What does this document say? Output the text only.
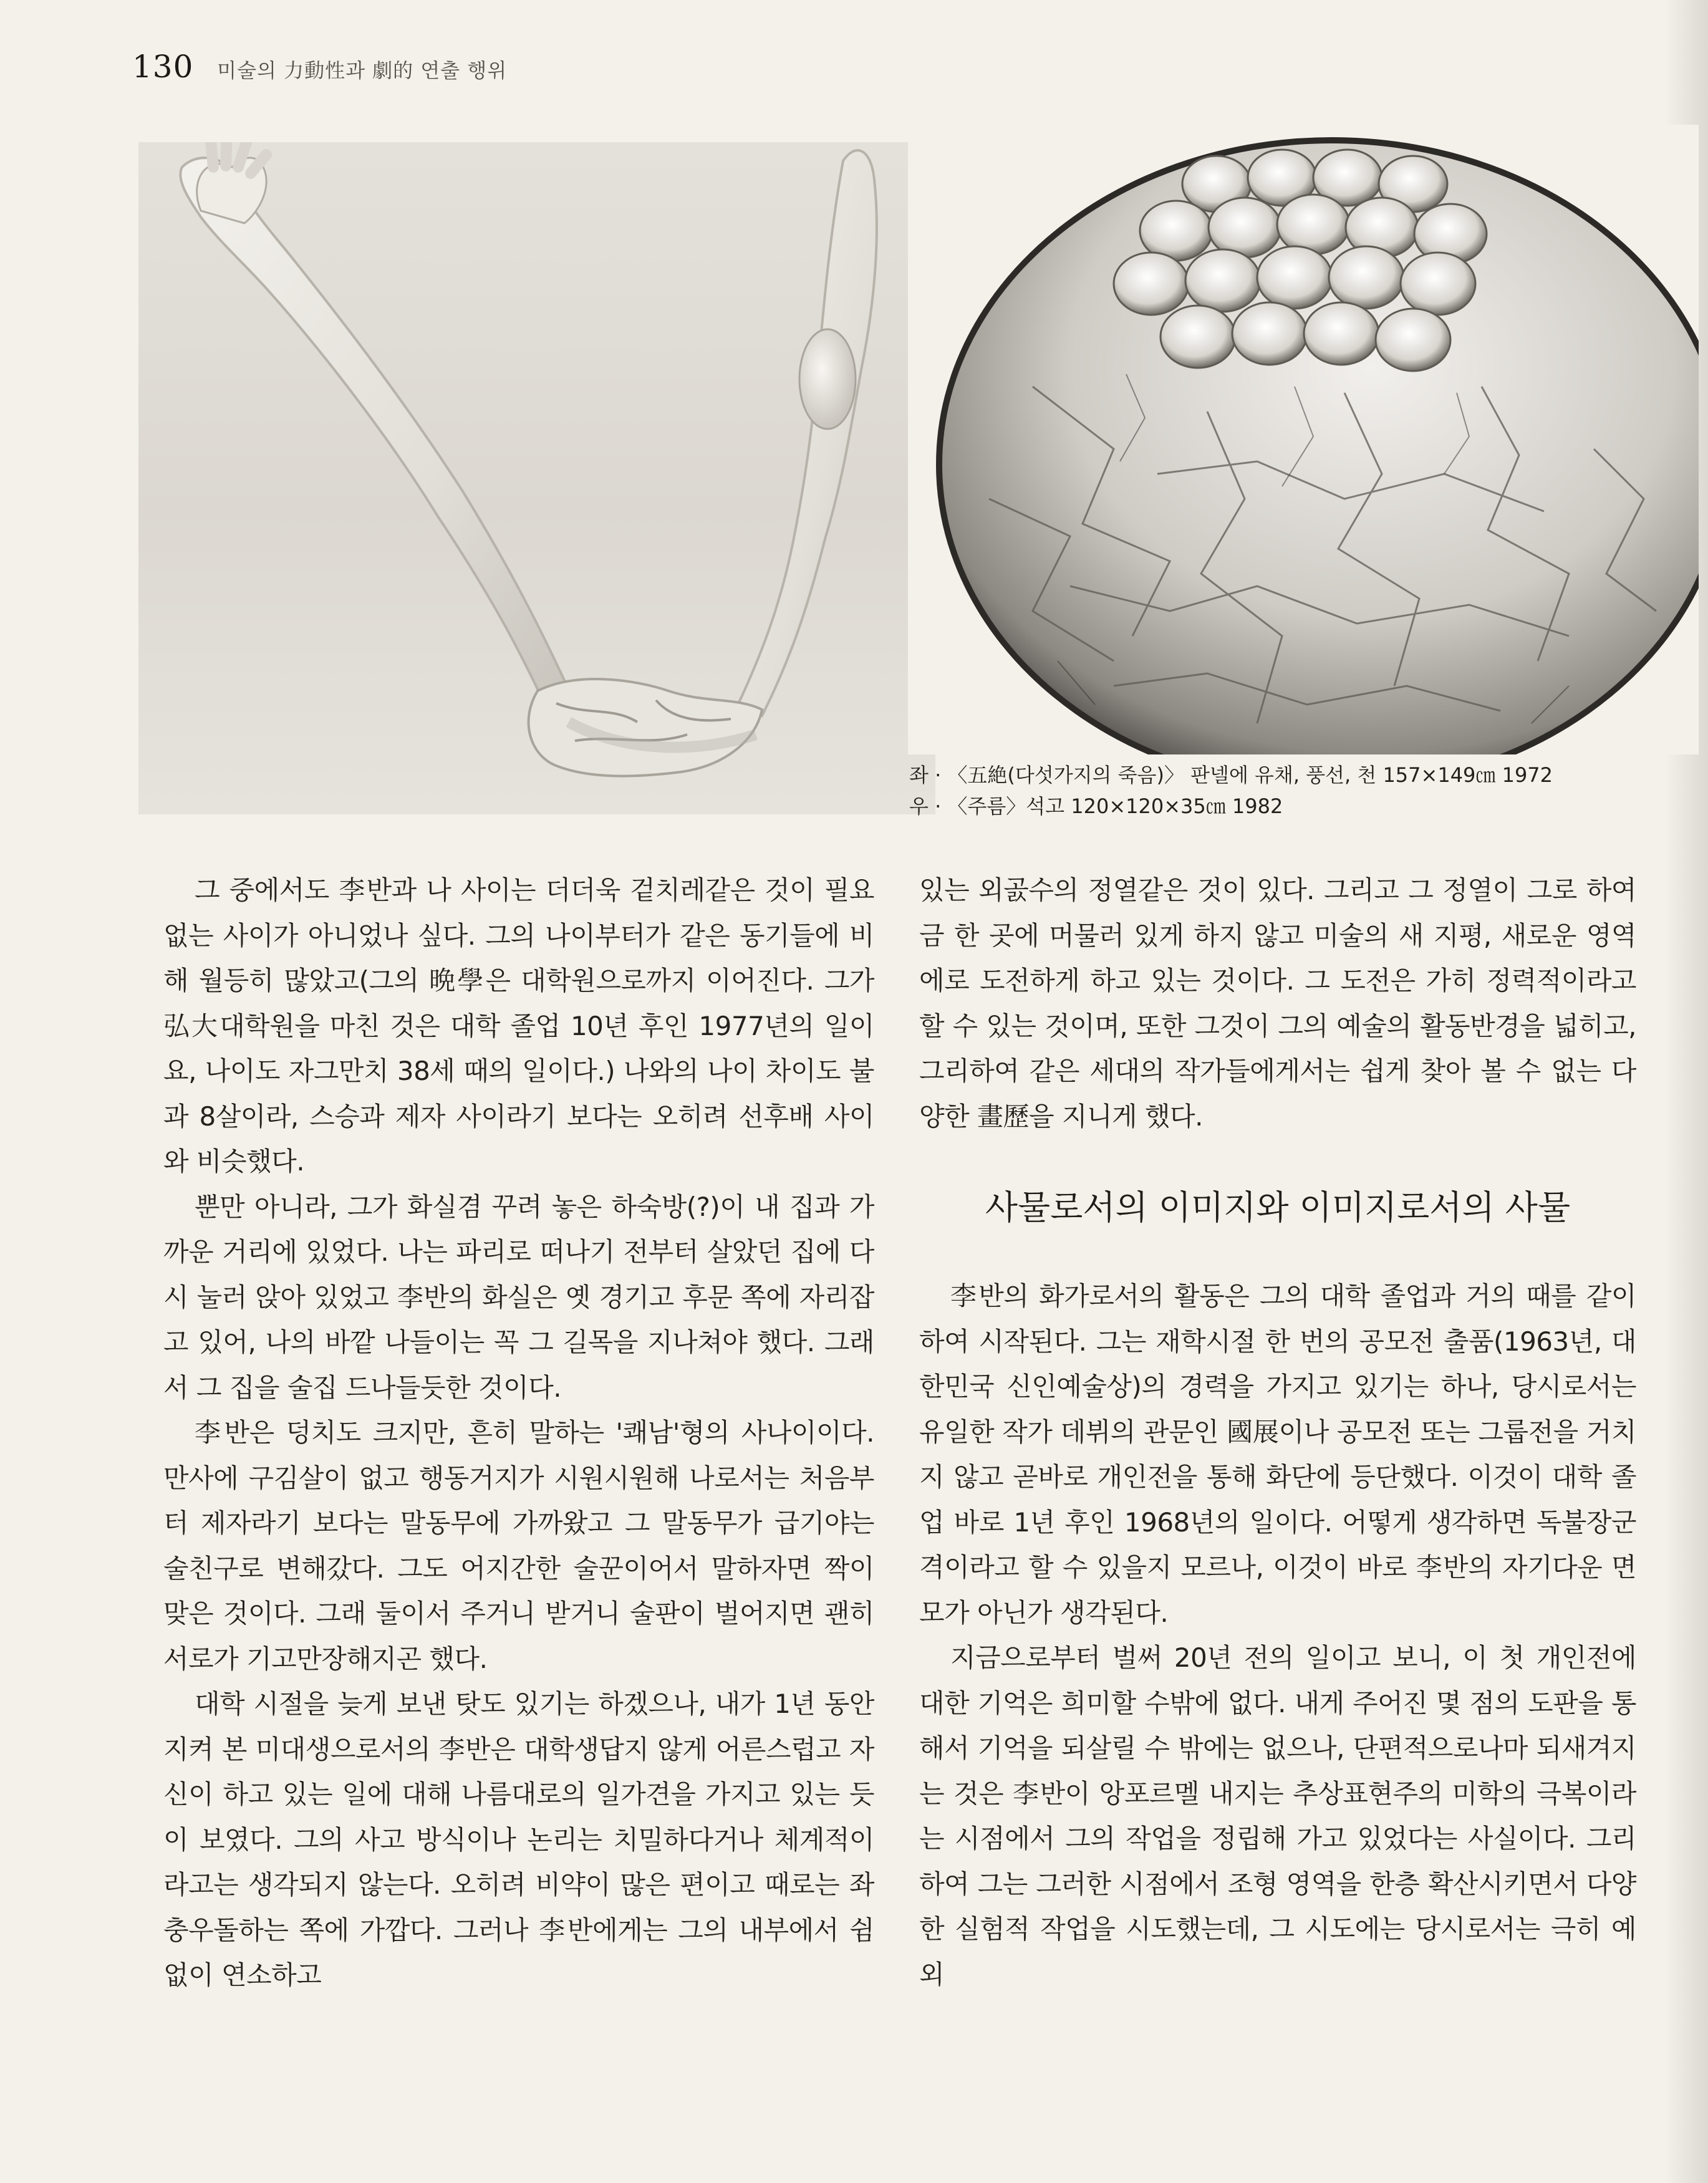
130 미술의 力動性과 劇的 연출 행위
좌 · 〈五絶(다섯가지의 죽음)〉 판넬에 유채, 풍선, 천 157×149㎝ 1972
우 · 〈주름〉석고 120×120×35㎝ 1982

그 중에서도 李반과 나 사이는 더더욱 겉치레같은 것이 필요 없는 사이가 아니었나 싶다. 그의 나이부터가 같은 동기들에 비해 월등히 많았고(그의 晩學은 대학원으로까지 이어진다. 그가 弘大대학원을 마친 것은 대학 졸업 10년 후인 1977년의 일이요, 나이도 자그만치 38세 때의 일이다.) 나와의 나이 차이도 불과 8살이라, 스승과 제자 사이라기 보다는 오히려 선후배 사이와 비슷했다.

뿐만 아니라, 그가 화실겸 꾸려 놓은 하숙방(?)이 내 집과 가까운 거리에 있었다. 나는 파리로 떠나기 전부터 살았던 집에 다시 눌러 앉아 있었고 李반의 화실은 옛 경기고 후문 쪽에 자리잡고 있어, 나의 바깥 나들이는 꼭 그 길목을 지나쳐야 했다. 그래서 그 집을 술집 드나들듯한 것이다.

李반은 덩치도 크지만, 흔히 말하는 '쾌남'형의 사나이이다. 만사에 구김살이 없고 행동거지가 시원시원해 나로서는 처음부터 제자라기 보다는 말동무에 가까왔고 그 말동무가 급기야는 술친구로 변해갔다. 그도 어지간한 술꾼이어서 말하자면 짝이 맞은 것이다. 그래 둘이서 주거니 받거니 술판이 벌어지면 괜히 서로가 기고만장해지곤 했다.

대학 시절을 늦게 보낸 탓도 있기는 하겠으나, 내가 1년 동안 지켜 본 미대생으로서의 李반은 대학생답지 않게 어른스럽고 자신이 하고 있는 일에 대해 나름대로의 일가견을 가지고 있는 듯이 보였다. 그의 사고 방식이나 논리는 치밀하다거나 체계적이라고는 생각되지 않는다. 오히려 비약이 많은 편이고 때로는 좌충우돌하는 쪽에 가깝다. 그러나 李반에게는 그의 내부에서 쉼없이 연소하고

있는 외곬수의 정열같은 것이 있다. 그리고 그 정열이 그로 하여금 한 곳에 머물러 있게 하지 않고 미술의 새 지평, 새로운 영역에로 도전하게 하고 있는 것이다. 그 도전은 가히 정력적이라고 할 수 있는 것이며, 또한 그것이 그의 예술의 활동반경을 넓히고, 그리하여 같은 세대의 작가들에게서는 쉽게 찾아 볼 수 없는 다양한 畫歷을 지니게 했다.

사물로서의 이미지와 이미지로서의 사물

李반의 화가로서의 활동은 그의 대학 졸업과 거의 때를 같이 하여 시작된다. 그는 재학시절 한 번의 공모전 출품(1963년, 대한민국 신인예술상)의 경력을 가지고 있기는 하나, 당시로서는 유일한 작가 데뷔의 관문인 國展이나 공모전 또는 그룹전을 거치지 않고 곧바로 개인전을 통해 화단에 등단했다. 이것이 대학 졸업 바로 1년 후인 1968년의 일이다. 어떻게 생각하면 독불장군격이라고 할 수 있을지 모르나, 이것이 바로 李반의 자기다운 면모가 아닌가 생각된다.

지금으로부터 벌써 20년 전의 일이고 보니, 이 첫 개인전에 대한 기억은 희미할 수밖에 없다. 내게 주어진 몇 점의 도판을 통해서 기억을 되살릴 수 밖에는 없으나, 단편적으로나마 되새겨지는 것은 李반이 앙포르멜 내지는 추상표현주의 미학의 극복이라는 시점에서 그의 작업을 정립해 가고 있었다는 사실이다. 그리하여 그는 그러한 시점에서 조형 영역을 한층 확산시키면서 다양한 실험적 작업을 시도했는데, 그 시도에는 당시로서는 극히 예외
